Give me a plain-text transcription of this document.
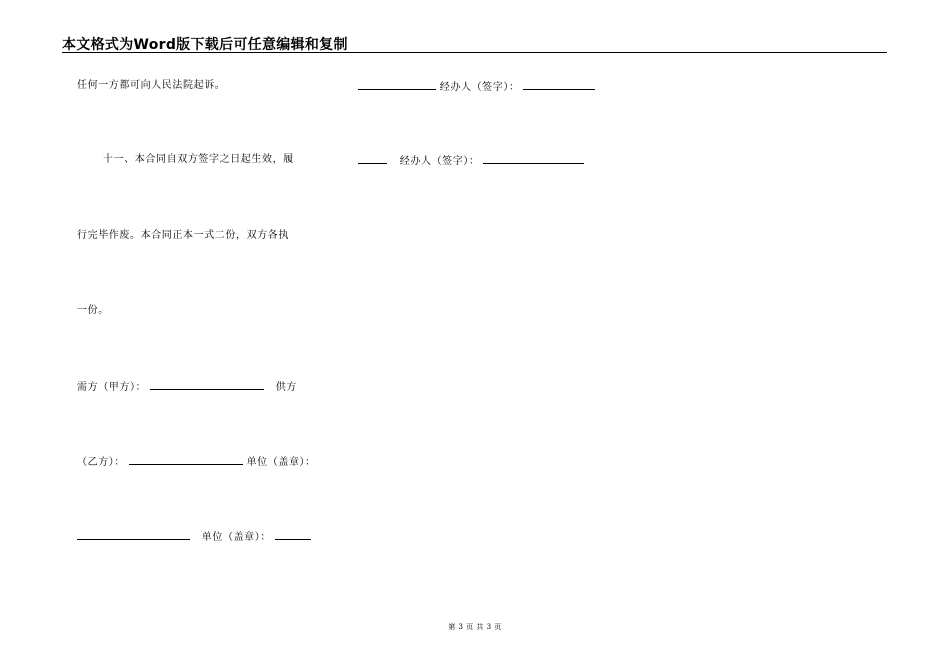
本文格式为Word版下载后可任意编辑和复制
任何一方都可向人民法院起诉。
十一、本合同自双方签字之日起生效，履
行完毕作废。本合同正本一式二份，双方各执
一份。
需方（甲方）：	供方
（乙方）：	单位（盖章）：
单位（盖章）：
经办人（签字）：
经办人（签字）：
第 3 页 共 3 页
